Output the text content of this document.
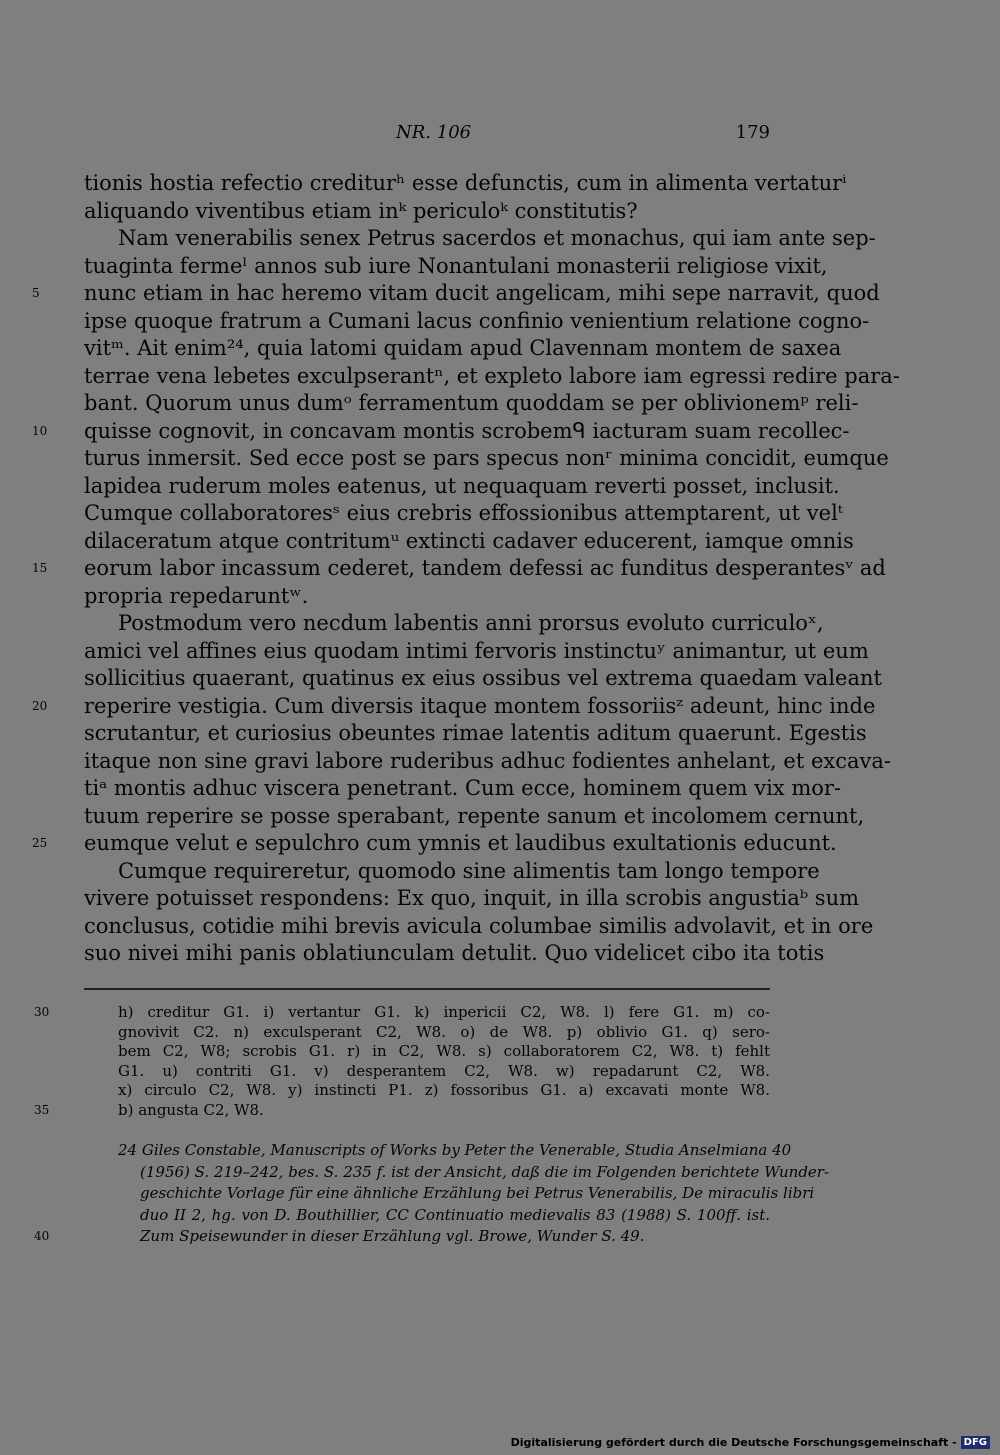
NR. 106	179
tionis hostia refectio crediturʰ esse defunctis, cum in alimenta vertaturⁱ
aliquando viventibus etiam inᵏ periculoᵏ constitutis?
Nam venerabilis senex Petrus sacerdos et monachus, qui iam ante sep-
tuaginta fermeˡ annos sub iure Nonantulani monasterii religiose vixit,
5 nunc etiam in hac heremo vitam ducit angelicam, mihi sepe narravit, quod
ipse quoque fratrum a Cumani lacus confinio venientium relatione cogno-
vitᵐ. Ait enim²⁴, quia latomi quidam apud Clavennam montem de saxea
terrae vena lebetes exculpserantⁿ, et expleto labore iam egressi redire para-
bant. Quorum unus dumᵒ ferramentum quoddam se per oblivionemᵖ reli-
10 quisse cognovit, in concavam montis scrobemᑫ iacturam suam recollec-
turus inmersit. Sed ecce post se pars specus nonʳ minima concidit, eumque
lapidea ruderum moles eatenus, ut nequaquam reverti posset, inclusit.
Cumque collaboratoresˢ eius crebris effossionibus attemptarent, ut velᵗ
dilaceratum atque contritumᵘ extincti cadaver educerent, iamque omnis
15 eorum labor incassum cederet, tandem defessi ac funditus desperantesᵛ ad
propria repedaruntʷ.
Postmodum vero necdum labentis anni prorsus evoluto curriculoˣ,
amici vel affines eius quodam intimi fervoris instinctuʸ animantur, ut eum
sollicitius quaerant, quatinus ex eius ossibus vel extrema quaedam valeant
20 reperire vestigia. Cum diversis itaque montem fossoriisᶻ adeunt, hinc inde
scrutantur, et curiosius obeuntes rimae latentis aditum quaerunt. Egestis
itaque non sine gravi labore ruderibus adhuc fodientes anhelant, et excava-
tiᵃ montis adhuc viscera penetrant. Cum ecce, hominem quem vix mor-
tuum reperire se posse sperabant, repente sanum et incolomem cernunt,
25 eumque velut e sepulchro cum ymnis et laudibus exultationis educunt.
Cumque requireretur, quomodo sine alimentis tam longo tempore
vivere potuisset respondens: Ex quo, inquit, in illa scrobis angustiaᵇ sum
conclusus, cotidie mihi brevis avicula columbae similis advolavit, et in ore
suo nivei mihi panis oblatiunculam detulit. Quo videlicet cibo ita totis
30	h) creditur G1. i) vertantur G1. k) inpericii C2, W8. l) fere G1. m) co-
gnovivit C2. n) exculsperant C2, W8. o) de W8. p) oblivio G1. q) sero-
bem C2, W8; scrobis G1. r) in C2, W8. s) collaboratorem C2, W8. t) fehlt
G1. u) contriti G1. v) desperantem C2, W8. w) repadarunt C2, W8.
x) circulo C2, W8. y) instincti P1. z) fossoribus G1. a) excavati monte W8.
35	b) angusta C2, W8.
24 Giles Constable, Manuscripts of Works by Peter the Venerable, Studia Anselmiana 40
(1956) S. 219–242, bes. S. 235 f. ist der Ansicht, daß die im Folgenden berichtete Wunder-
geschichte Vorlage für eine ähnliche Erzählung bei Petrus Venerabilis, De miraculis libri
duo II 2, hg. von D. Bouthillier, CC Continuatio medievalis 83 (1988) S. 100ff. ist.
40	Zum Speisewunder in dieser Erzählung vgl. Browe, Wunder S. 49.
Digitalisierung gefördert durch die Deutsche Forschungsgemeinschaft - DFG
